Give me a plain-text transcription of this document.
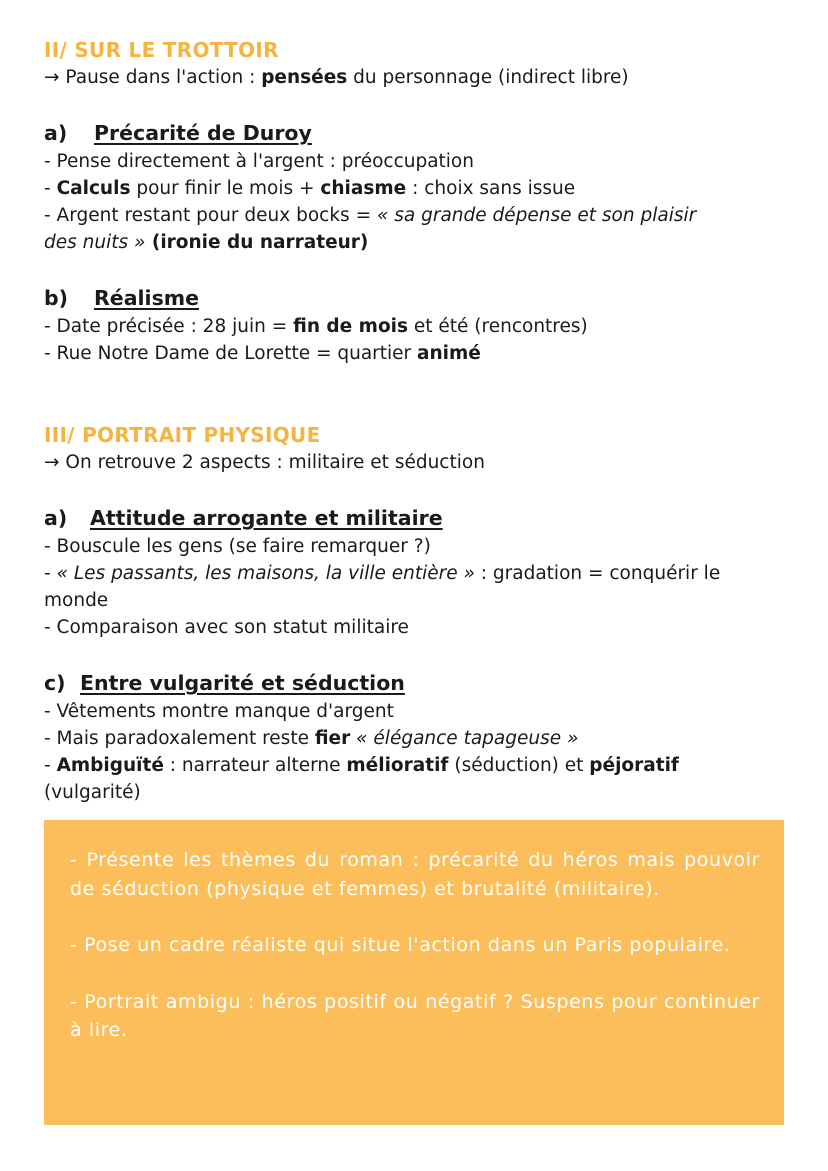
II/ SUR LE TROTTOIR
→ Pause dans l'action : pensées du personnage (indirect libre)
a) Précarité de Duroy
- Pense directement à l'argent : préoccupation
- Calculs pour finir le mois + chiasme : choix sans issue
- Argent restant pour deux bocks = « sa grande dépense et son plaisir
des nuits » (ironie du narrateur)
b) Réalisme
- Date précisée : 28 juin = fin de mois et été (rencontres)
- Rue Notre Dame de Lorette = quartier animé
III/ PORTRAIT PHYSIQUE
→ On retrouve 2 aspects : militaire et séduction
a) Attitude arrogante et militaire
- Bouscule les gens (se faire remarquer ?)
- « Les passants, les maisons, la ville entière » : gradation = conquérir le
monde
- Comparaison avec son statut militaire
c) Entre vulgarité et séduction
- Vêtements montre manque d'argent
- Mais paradoxalement reste fier « élégance tapageuse »
- Ambiguïté : narrateur alterne mélioratif (séduction) et péjoratif
(vulgarité)

- Présente les thèmes du roman : précarité du héros mais pouvoir de séduction (physique et femmes) et brutalité (militaire).

- Pose un cadre réaliste qui situe l'action dans un Paris populaire.

- Portrait ambigu : héros positif ou négatif ? Suspens pour continuer à lire.
